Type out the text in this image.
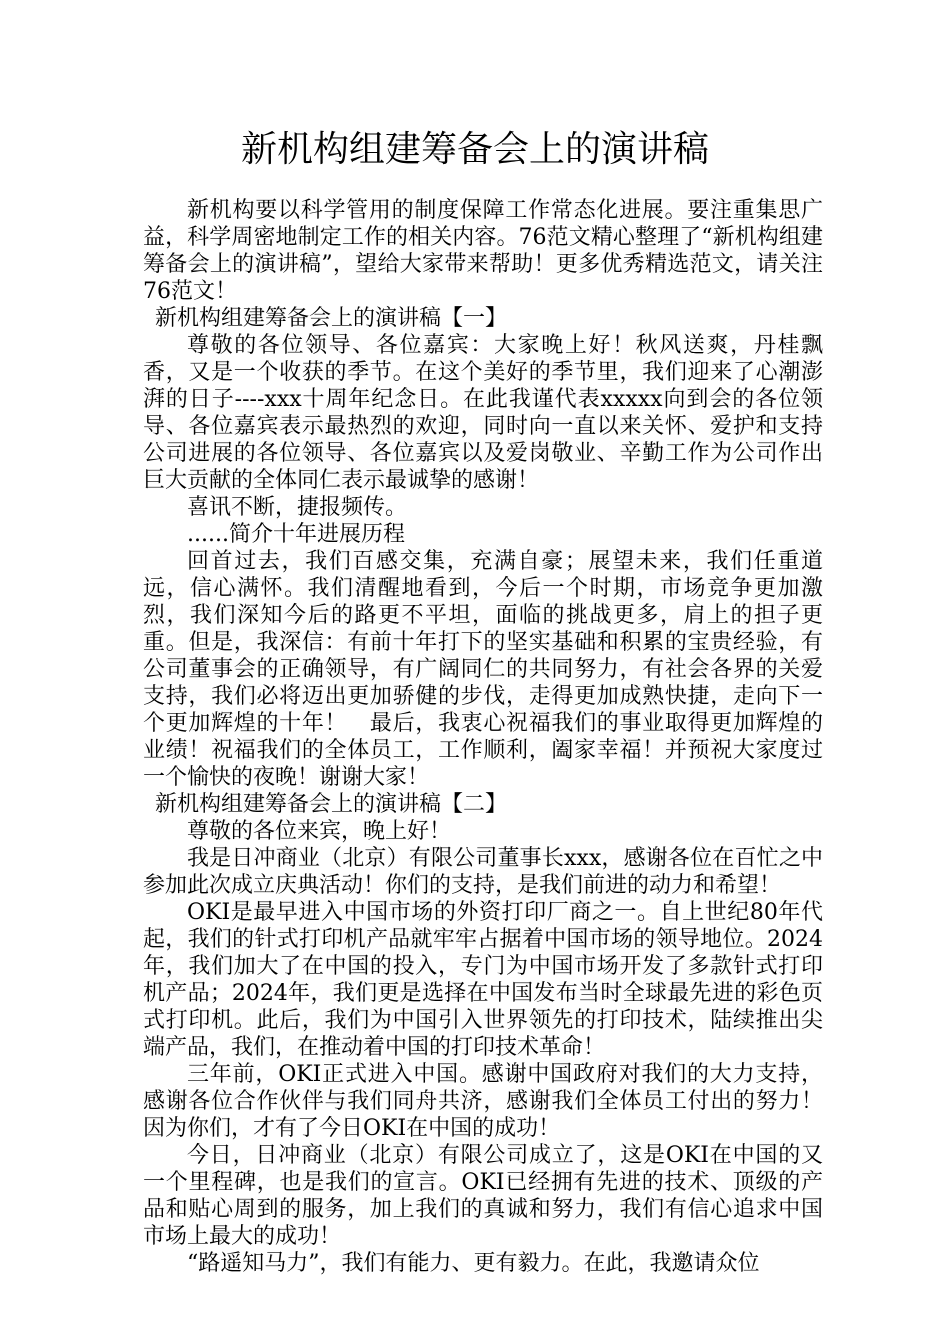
新机构组建筹备会上的演讲稿

新机构要以科学管用的制度保障工作常态化进展。要注重集思广益，科学周密地制定工作的相关内容。76范文精心整理了“新机构组建筹备会上的演讲稿”，望给大家带来帮助！更多优秀精选范文，请关注76范文！

新机构组建筹备会上的演讲稿【一】

尊敬的各位领导、各位嘉宾：大家晚上好！秋风送爽，丹桂飘香，又是一个收获的季节。在这个美好的季节里，我们迎来了心潮澎湃的日子----xxx十周年纪念日。在此我谨代表xxxxx向到会的各位领导、各位嘉宾表示最热烈的欢迎，同时向一直以来关怀、爱护和支持公司进展的各位领导、各位嘉宾以及爱岗敬业、辛勤工作为公司作出巨大贡献的全体同仁表示最诚挚的感谢！

喜讯不断，捷报频传。

......简介十年进展历程

回首过去，我们百感交集，充满自豪；展望未来，我们任重道远，信心满怀。我们清醒地看到，今后一个时期，市场竞争更加激烈，我们深知今后的路更不平坦，面临的挑战更多，肩上的担子更重。但是，我深信：有前十年打下的坚实基础和积累的宝贵经验，有公司董事会的正确领导，有广阔同仁的共同努力，有社会各界的关爱支持，我们必将迈出更加骄健的步伐，走得更加成熟快捷，走向下一个更加辉煌的十年！　最后，我衷心祝福我们的事业取得更加辉煌的业绩！祝福我们的全体员工，工作顺利，阖家幸福！并预祝大家度过一个愉快的夜晚！谢谢大家！

新机构组建筹备会上的演讲稿【二】

尊敬的各位来宾，晚上好！

我是日冲商业（北京）有限公司董事长xxx，感谢各位在百忙之中参加此次成立庆典活动！你们的支持，是我们前进的动力和希望！

OKI是最早进入中国市场的外资打印厂商之一。自上世纪80年代起，我们的针式打印机产品就牢牢占据着中国市场的领导地位。2024年，我们加大了在中国的投入，专门为中国市场开发了多款针式打印机产品；2024年，我们更是选择在中国发布当时全球最先进的彩色页式打印机。此后，我们为中国引入世界领先的打印技术，陆续推出尖端产品，我们，在推动着中国的打印技术革命！

三年前，OKI正式进入中国。感谢中国政府对我们的大力支持，感谢各位合作伙伴与我们同舟共济，感谢我们全体员工付出的努力！因为你们，才有了今日OKI在中国的成功！

今日，日冲商业（北京）有限公司成立了，这是OKI在中国的又一个里程碑，也是我们的宣言。OKI已经拥有先进的技术、顶级的产品和贴心周到的服务，加上我们的真诚和努力，我们有信心追求中国市场上最大的成功！

“路遥知马力”，我们有能力、更有毅力。在此，我邀请众位
